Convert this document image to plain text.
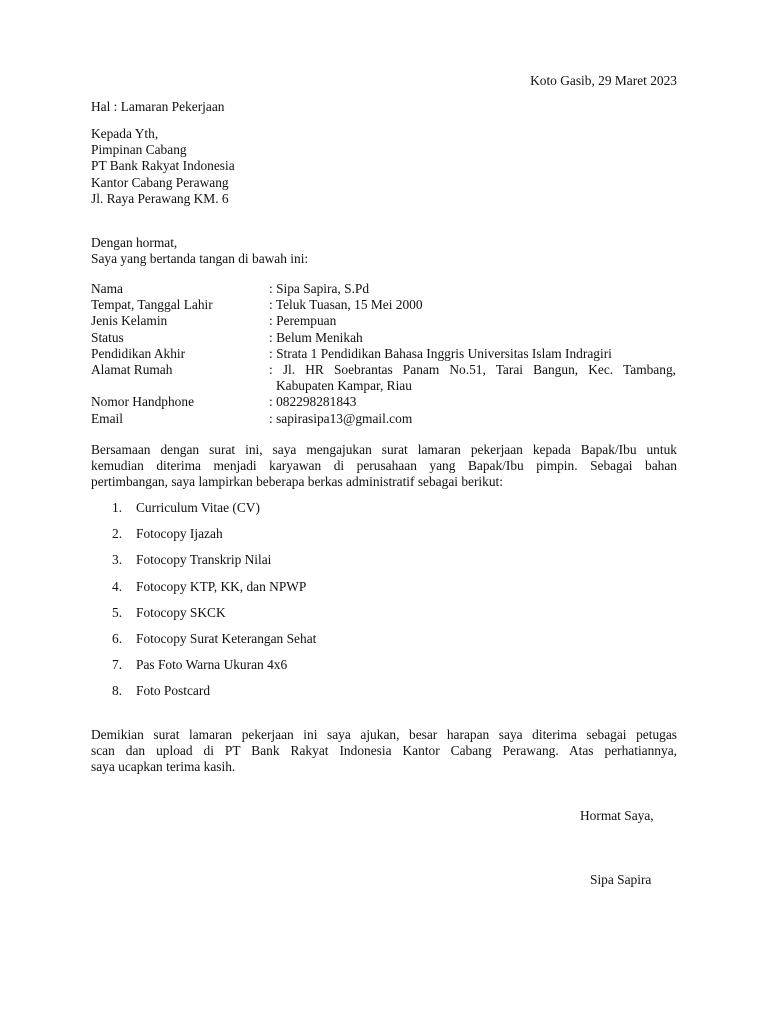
Koto Gasib, 29 Maret 2023
Hal : Lamaran Pekerjaan
Kepada Yth,
Pimpinan Cabang
PT Bank Rakyat Indonesia
Kantor Cabang Perawang
Jl. Raya Perawang KM. 6
Dengan hormat,
Saya yang bertanda tangan di bawah ini:
Nama	: Sipa Sapira, S.Pd
Tempat, Tanggal Lahir	: Teluk Tuasan, 15 Mei 2000
Jenis Kelamin	: Perempuan
Status	: Belum Menikah
Pendidikan Akhir	: Strata 1 Pendidikan Bahasa Inggris Universitas Islam Indragiri
Alamat Rumah	: Jl. HR Soebrantas Panam No.51, Tarai Bangun, Kec. Tambang,
Kabupaten Kampar, Riau
Nomor Handphone	: 082298281843
Email	: sapirasipa13@gmail.com
Bersamaan dengan surat ini, saya mengajukan surat lamaran pekerjaan kepada Bapak/Ibu untuk
kemudian diterima menjadi karyawan di perusahaan yang Bapak/Ibu pimpin. Sebagai bahan
pertimbangan, saya lampirkan beberapa berkas administratif sebagai berikut:
1.	Curriculum Vitae (CV)
2.	Fotocopy Ijazah
3.	Fotocopy Transkrip Nilai
4.	Fotocopy KTP, KK, dan NPWP
5.	Fotocopy SKCK
6.	Fotocopy Surat Keterangan Sehat
7.	Pas Foto Warna Ukuran 4x6
8.	Foto Postcard
Demikian surat lamaran pekerjaan ini saya ajukan, besar harapan saya diterima sebagai petugas
scan dan upload di PT Bank Rakyat Indonesia Kantor Cabang Perawang. Atas perhatiannya,
saya ucapkan terima kasih.
Hormat Saya,
Sipa Sapira
